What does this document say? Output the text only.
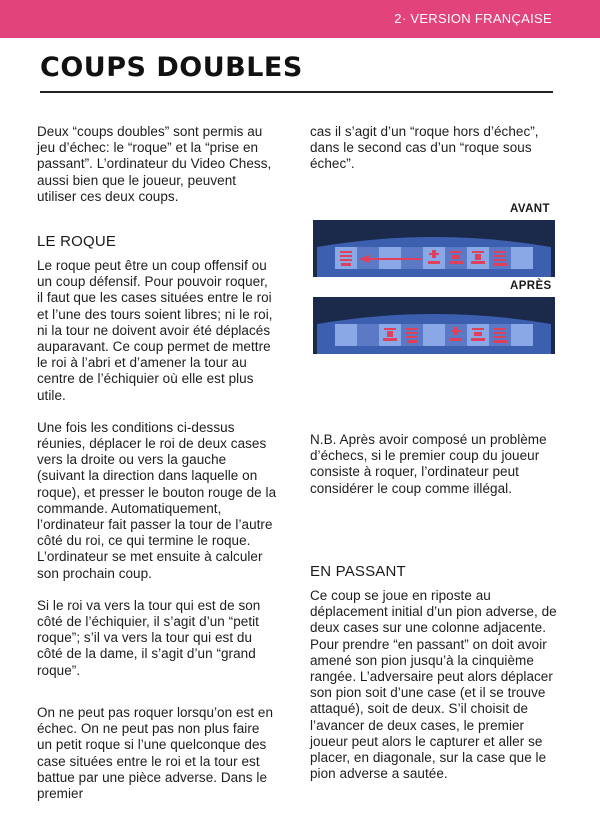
2· VERSION FRANÇAISE
COUPS DOUBLES

Deux “coups doubles” sont permis au jeu d’échec: le “roque” et la “prise en passant”. L’ordinateur du Video Chess, aussi bien que le joueur, peuvent utiliser ces deux coups.

LE ROQUE

Le roque peut être un coup offensif ou un coup défensif. Pour pouvoir roquer, il faut que les cases situées entre le roi et l’une des tours soient libres; ni le roi, ni la tour ne doivent avoir été déplacés auparavant. Ce coup permet de mettre le roi à l’abri et d’amener la tour au centre de l’échiquier où elle est plus utile.

Une fois les conditions ci-dessus réunies, déplacer le roi de deux cases vers la droite ou vers la gauche (suivant la direction dans laquelle on roque), et presser le bouton rouge de la commande. Automatiquement, l’ordinateur fait passer la tour de l’autre côté du roi, ce qui termine le roque. L’ordinateur se met ensuite à calculer son prochain coup.

Si le roi va vers la tour qui est de son côté de l’échiquier, il s’agit d’un “petit roque”; s’il va vers la tour qui est du côté de la dame, il s’agit d’un “grand roque”.

On ne peut pas roquer lorsqu’on est en échec. On ne peut pas non plus faire un petit roque si l’une quelconque des case situées entre le roi et la tour est battue par une pièce adverse. Dans le premier

cas il s’agit d’un “roque hors d’échec”, dans le second cas d’un “roque sous échec”.

AVANT
APRÈS

N.B. Après avoir composé un problème d’échecs, si le premier coup du joueur consiste à roquer, l’ordinateur peut considérer le coup comme illégal.

EN PASSANT

Ce coup se joue en riposte au déplacement initial d’un pion adverse, de deux cases sur une colonne adjacente. Pour prendre “en passant” on doit avoir amené son pion jusqu’à la cinquième rangée. L’adversaire peut alors déplacer son pion soit d’une case (et il se trouve attaqué), soit de deux. S’il choisit de l’avancer de deux cases, le premier joueur peut alors le capturer et aller se placer, en diagonale, sur la case que le pion adverse a sautée.
